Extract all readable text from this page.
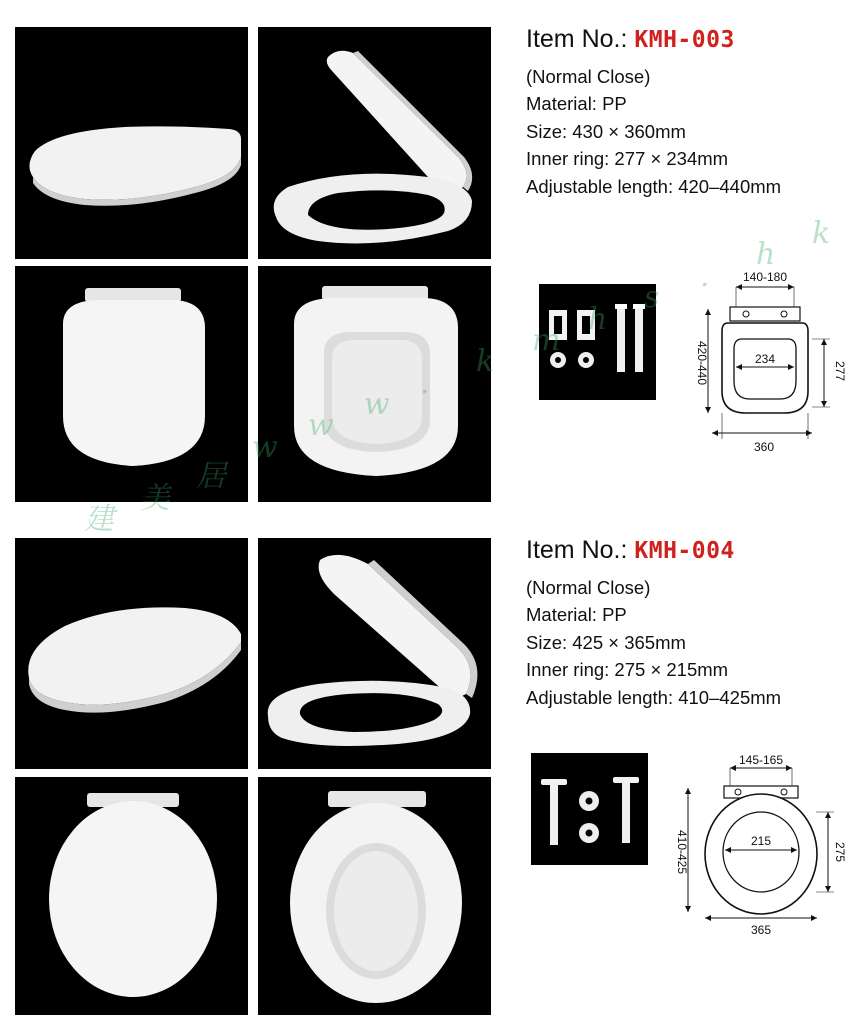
Item No.: KMH-003
(Normal Close)
Material: PP
Size: 430 × 360mm
Inner ring: 277 × 234mm
Adjustable length: 420–440mm
140-180
234
420-440	277
360
Item No.: KMH-004
(Normal Close)
Material: PP
Size: 425 × 365mm
Inner ring: 275 × 215mm
Adjustable length: 410–425mm
145-165
215
410-425	275
365
建
美
居
w
w
w
.
k
m
h
s
.
h
k
